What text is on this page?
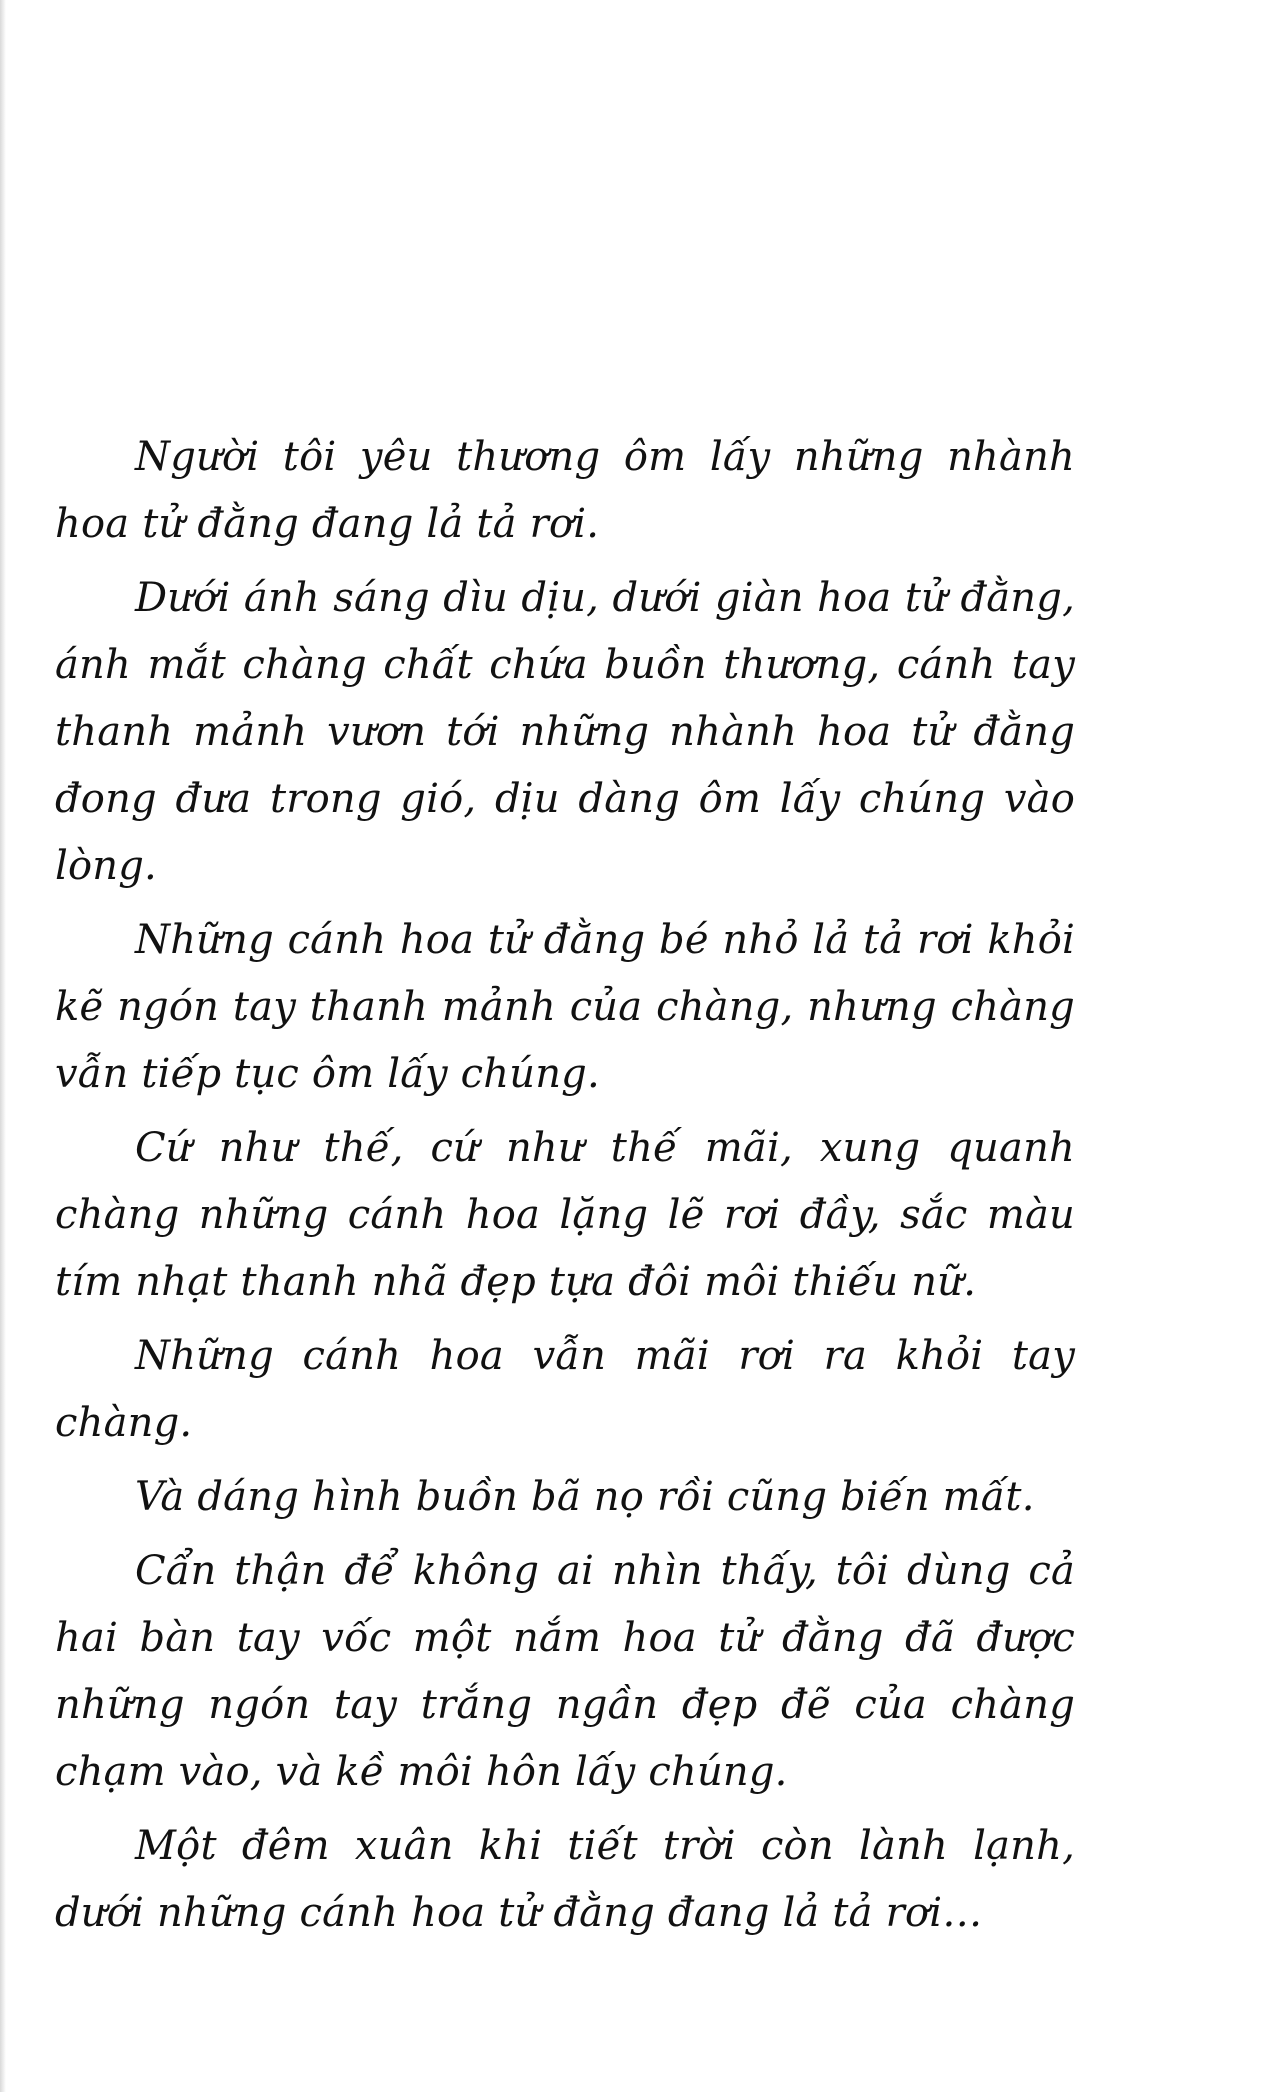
Người tôi yêu thương ôm lấy những nhành hoa tử đằng đang lả tả rơi.

Dưới ánh sáng dìu dịu, dưới giàn hoa tử đằng, ánh mắt chàng chất chứa buồn thương, cánh tay thanh mảnh vươn tới những nhành hoa tử đằng đong đưa trong gió, dịu dàng ôm lấy chúng vào lòng.

Những cánh hoa tử đằng bé nhỏ lả tả rơi khỏi kẽ ngón tay thanh mảnh của chàng, nhưng chàng vẫn tiếp tục ôm lấy chúng.

Cứ như thế, cứ như thế mãi, xung quanh chàng những cánh hoa lặng lẽ rơi đầy, sắc màu tím nhạt thanh nhã đẹp tựa đôi môi thiếu nữ.

Những cánh hoa vẫn mãi rơi ra khỏi tay chàng.

Và dáng hình buồn bã nọ rồi cũng biến mất.

Cẩn thận để không ai nhìn thấy, tôi dùng cả hai bàn tay vốc một nắm hoa tử đằng đã được những ngón tay trắng ngần đẹp đẽ của chàng chạm vào, và kề môi hôn lấy chúng.

Một đêm xuân khi tiết trời còn lành lạnh, dưới những cánh hoa tử đằng đang lả tả rơi…
